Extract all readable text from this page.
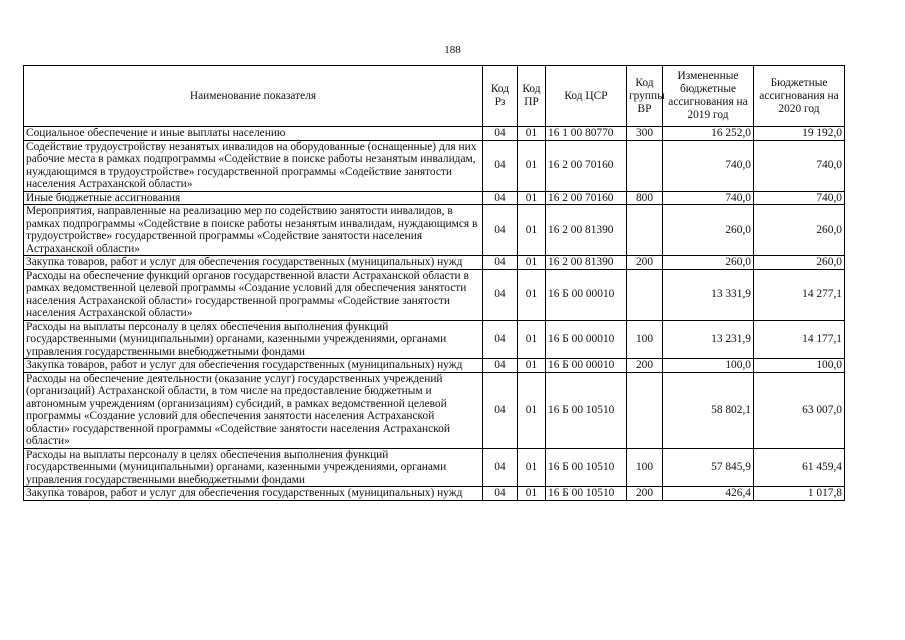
188
Наименование показателя	Код Рз	Код ПР	Код ЦСР	Код группы ВР	Измененные бюджетные ассигнования на 2019 год	Бюджетные ассигнования на 2020 год
Социальное обеспечение и иные выплаты населению	04	01	16 1 00 80770	300	16 252,0	19 192,0
Содействие трудоустройству незанятых инвалидов на оборудованные (оснащенные) для них рабочие места в рамках подпрограммы «Содействие в поиске работы незанятым инвалидам, нуждающимся в трудоустройстве» государственной программы «Содействие занятости населения Астраханской области»	04	01	16 2 00 70160		740,0	740,0
Иные бюджетные ассигнования	04	01	16 2 00 70160	800	740,0	740,0
Мероприятия, направленные на реализацию мер по содействию занятости инвалидов, в рамках подпрограммы «Содействие в поиске работы незанятым инвалидам, нуждающимся в трудоустройстве» государственной программы «Содействие занятости населения Астраханской области»	04	01	16 2 00 81390		260,0	260,0
Закупка товаров, работ и услуг для обеспечения государственных (муниципальных) нужд	04	01	16 2 00 81390	200	260,0	260,0
Расходы на обеспечение функций органов государственной власти Астраханской области в рамках ведомственной целевой программы «Создание условий для обеспечения занятости населения Астраханской области» государственной программы «Содействие занятости населения Астраханской области»	04	01	16 Б 00 00010		13 331,9	14 277,1
Расходы на выплаты персоналу в целях обеспечения выполнения функций государственными (муниципальными) органами, казенными учреждениями, органами управления государственными внебюджетными фондами	04	01	16 Б 00 00010	100	13 231,9	14 177,1
Закупка товаров, работ и услуг для обеспечения государственных (муниципальных) нужд	04	01	16 Б 00 00010	200	100,0	100,0
Расходы на обеспечение деятельности (оказание услуг) государственных учреждений (организаций) Астраханской области, в том числе на предоставление бюджетным и автономным учреждениям (организациям) субсидий, в рамках ведомственной целевой программы «Создание условий для обеспечения занятости населения Астраханской области» государственной программы «Содействие занятости населения Астраханской области»	04	01	16 Б 00 10510		58 802,1	63 007,0
Расходы на выплаты персоналу в целях обеспечения выполнения функций государственными (муниципальными) органами, казенными учреждениями, органами управления государственными внебюджетными фондами	04	01	16 Б 00 10510	100	57 845,9	61 459,4
Закупка товаров, работ и услуг для обеспечения государственных (муниципальных) нужд	04	01	16 Б 00 10510	200	426,4	1 017,8
